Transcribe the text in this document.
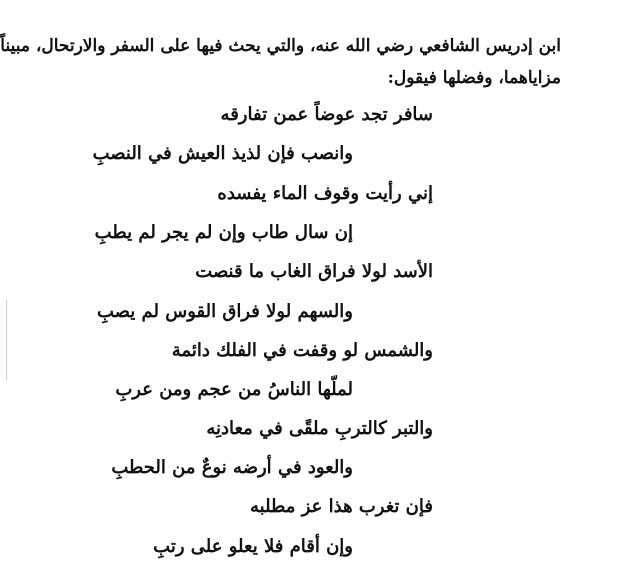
ابن إدريس الشافعي رضي الله عنه، والتي يحث فيها على السفر والارتحال، مبيناً
مزاياهما، وفضلها فيقول:
سافر تجد عوضاً عمن تفارقه
وانصب فإن لذيذ العيش في النصبِ
إني رأيت وقوف الماء يفسده
إن سال طاب وإن لم يجر لم يطبِ
الأسد لولا فراق الغاب ما قنصت
والسهم لولا فراق القوس لم يصبِ
والشمس لو وقفت في الفلك دائمة
لملّها الناسُ من عجم ومن عربِ
والتبر كالتربِ ملقًى في معادنِه
والعود في أرضه نوعٌ من الحطبِ
فإن تغرب هذا عز مطلبه
وإن أقام فلا يعلو على رتبِ
